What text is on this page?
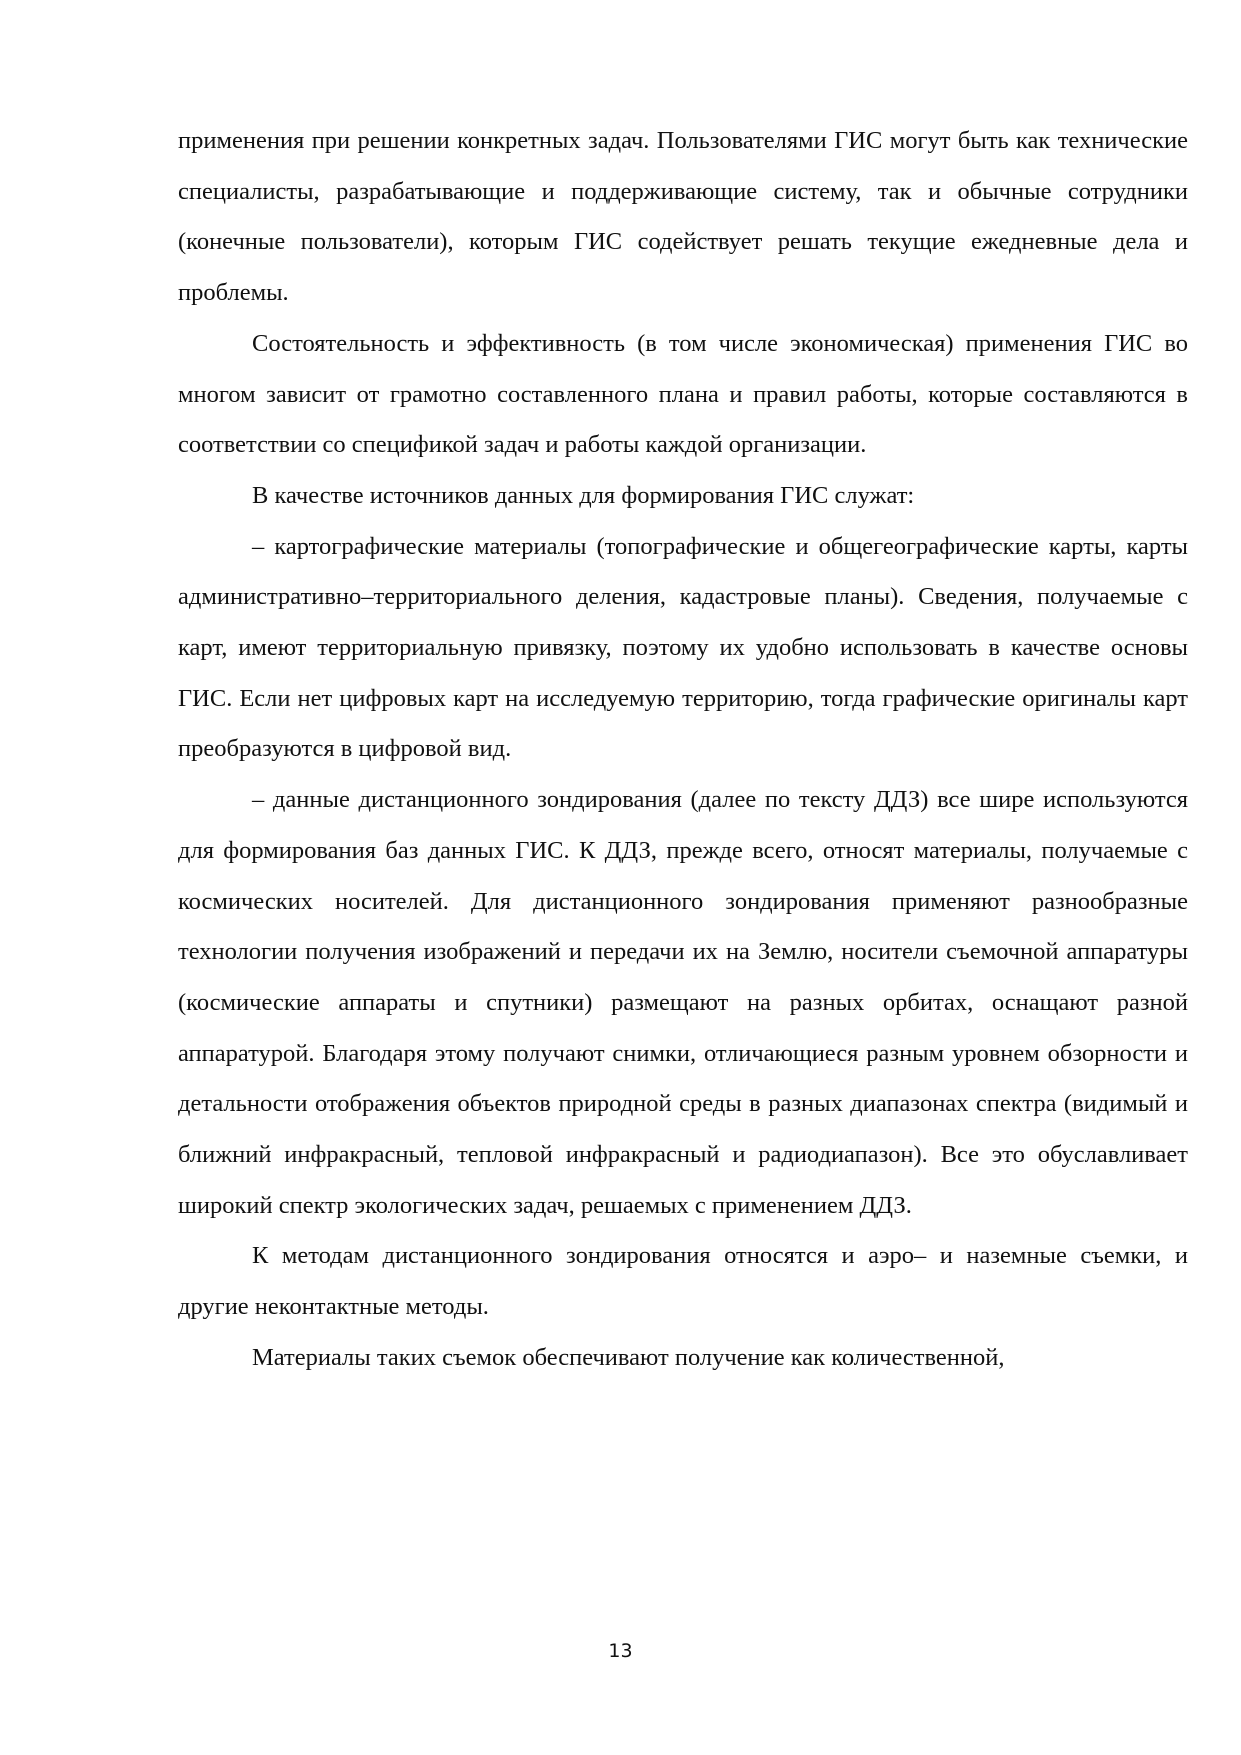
применения при решении конкретных задач. Пользователями ГИС могут быть как технические специалисты, разрабатывающие и поддерживающие систему, так и обычные сотрудники (конечные пользователи), которым ГИС содействует решать текущие ежедневные дела и проблемы.

Состоятельность и эффективность (в том числе экономическая) применения ГИС во многом зависит от грамотно составленного плана и правил работы, которые составляются в соответствии со спецификой задач и работы каждой организации.

В качестве источников данных для формирования ГИС служат:

– картографические материалы (топографические и общегеографические карты, карты административно–территориального деления, кадастровые планы). Сведения, получаемые с карт, имеют территориальную привязку, поэтому их удобно использовать в качестве основы ГИС. Если нет цифровых карт на исследуемую территорию, тогда графические оригиналы карт преобразуются в цифровой вид.

– данные дистанционного зондирования (далее по тексту ДДЗ) все шире используются для формирования баз данных ГИС. К ДДЗ, прежде всего, относят материалы, получаемые с космических носителей. Для дистанционного зондирования применяют разнообразные технологии получения изображений и передачи их на Землю, носители съемочной аппаратуры (космические аппараты и спутники) размещают на разных орбитах, оснащают разной аппаратурой. Благодаря этому получают снимки, отличающиеся разным уровнем обзорности и детальности отображения объектов природной среды в разных диапазонах спектра (видимый и ближний инфракрасный, тепловой инфракрасный и радиодиапазон). Все это обуславливает широкий спектр экологических задач, решаемых с применением ДДЗ.

К методам дистанционного зондирования относятся и аэро– и наземные съемки, и другие неконтактные методы.

Материалы таких съемок обеспечивают получение как количественной,

13
